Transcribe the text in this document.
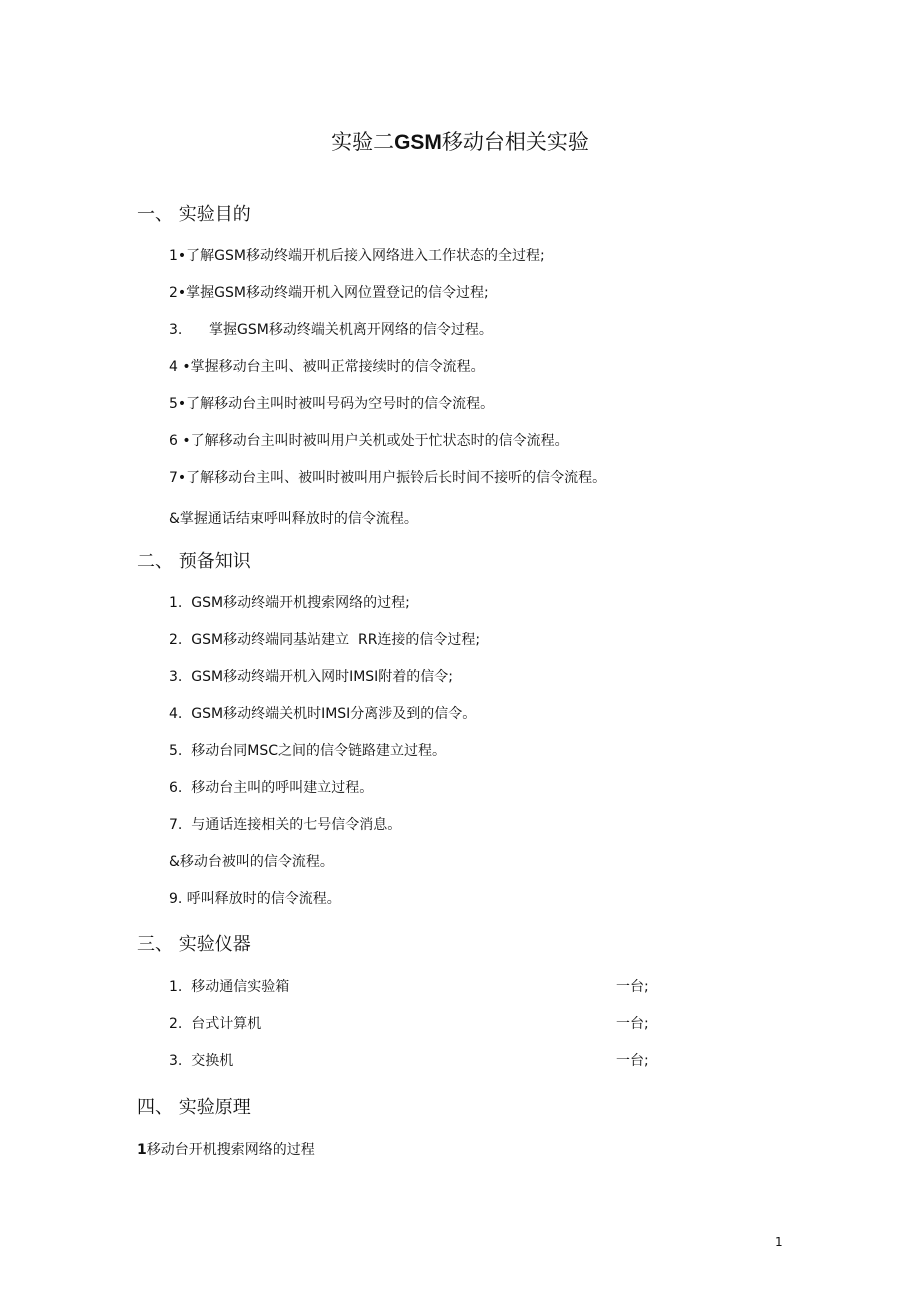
实验二GSM移动台相关实验
一、 实验目的
1•了解GSM移动终端开机后接入网络进入工作状态的全过程;
2•掌握GSM移动终端开机入网位置登记的信令过程;
3.      掌握GSM移动终端关机离开网络的信令过程。
4 •掌握移动台主叫、被叫正常接续时的信令流程。
5•了解移动台主叫时被叫号码为空号时的信令流程。
6 •了解移动台主叫时被叫用户关机或处于忙状态时的信令流程。
7•了解移动台主叫、被叫时被叫用户振铃后长时间不接听的信令流程。
&掌握通话结束呼叫释放时的信令流程。
二、 预备知识
1.  GSM移动终端开机搜索网络的过程;
2.  GSM移动终端同基站建立  RR连接的信令过程;
3.  GSM移动终端开机入网时IMSI附着的信令;
4.  GSM移动终端关机时IMSI分离涉及到的信令。
5.  移动台同MSC之间的信令链路建立过程。
6.  移动台主叫的呼叫建立过程。
7.  与通话连接相关的七号信令消息。
&移动台被叫的信令流程。
9. 呼叫释放时的信令流程。
三、 实验仪器
1.  移动通信实验箱	一台;
2.  台式计算机	一台;
3.  交换机	一台;
四、 实验原理
1移动台开机搜索网络的过程
1
